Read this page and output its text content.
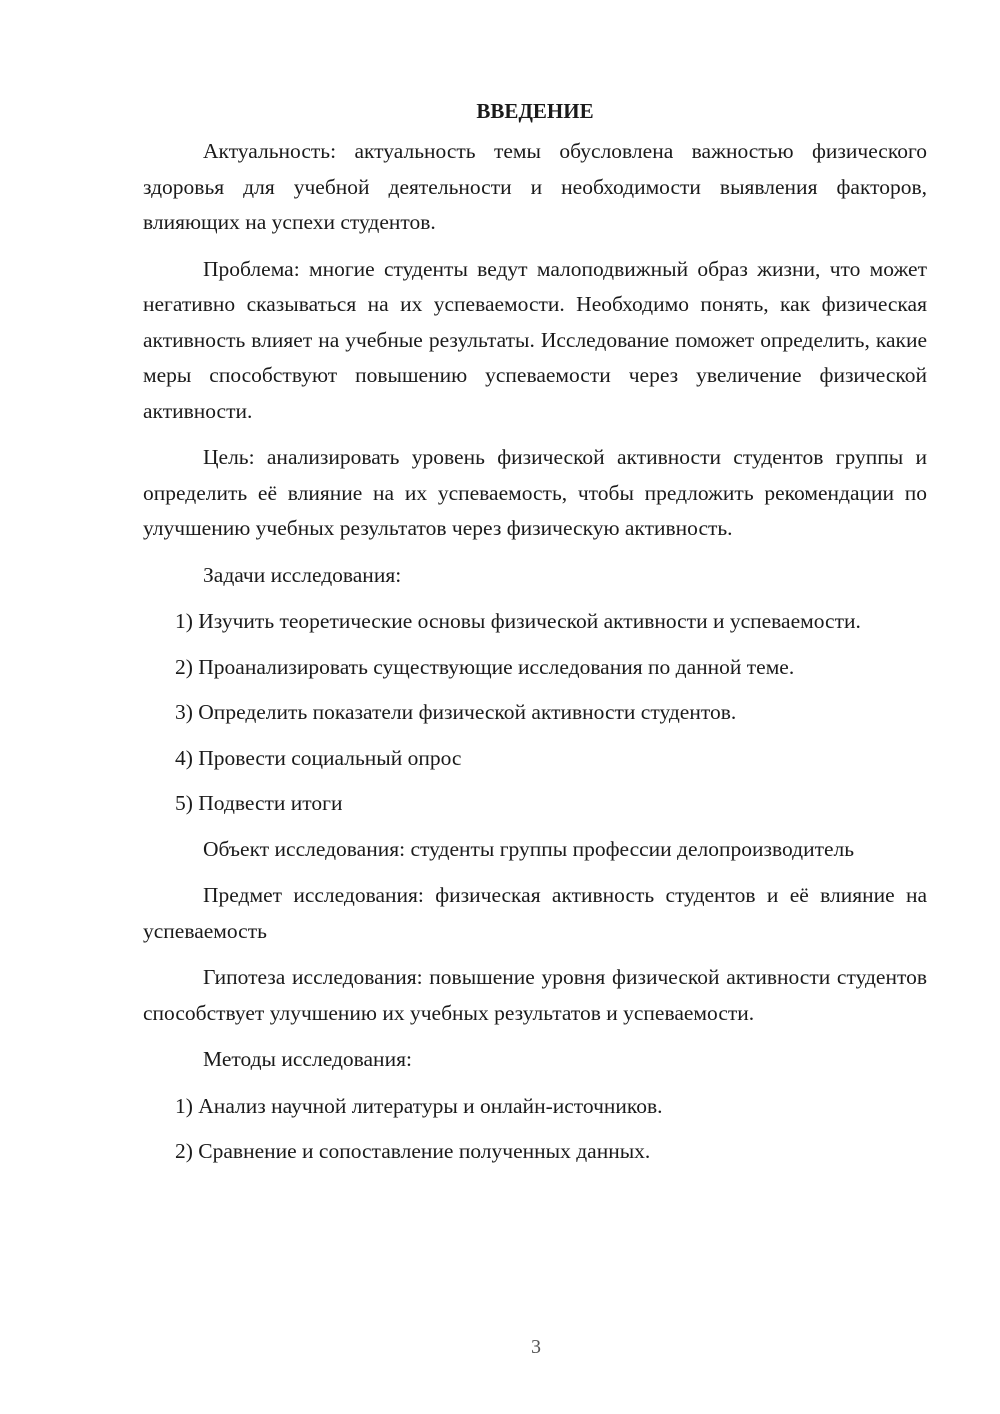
ВВЕДЕНИЕ

Актуальность: актуальность темы обусловлена важностью физического здоровья для учебной деятельности и необходимости выявления факторов, влияющих на успехи студентов.

Проблема: многие студенты ведут малоподвижный образ жизни, что может негативно сказываться на их успеваемости. Необходимо понять, как физическая активность влияет на учебные результаты. Исследование поможет определить, какие меры способствуют повышению успеваемости через увеличение физической активности.

Цель: анализировать уровень физической активности студентов группы и определить её влияние на их успеваемость, чтобы предложить рекомендации по улучшению учебных результатов через физическую активность.

Задачи исследования:

1) Изучить теоретические основы физической активности и успеваемости.

2) Проанализировать существующие исследования по данной теме.

3) Определить показатели физической активности студентов.

4) Провести социальный опрос

5) Подвести итоги

Объект исследования: студенты группы профессии делопроизводитель

Предмет исследования: физическая активность студентов и её влияние на успеваемость

Гипотеза исследования: повышение уровня физической активности студентов способствует улучшению их учебных результатов и успеваемости.

Методы исследования:

1) Анализ научной литературы и онлайн-источников.

2) Сравнение и сопоставление полученных данных.

3
